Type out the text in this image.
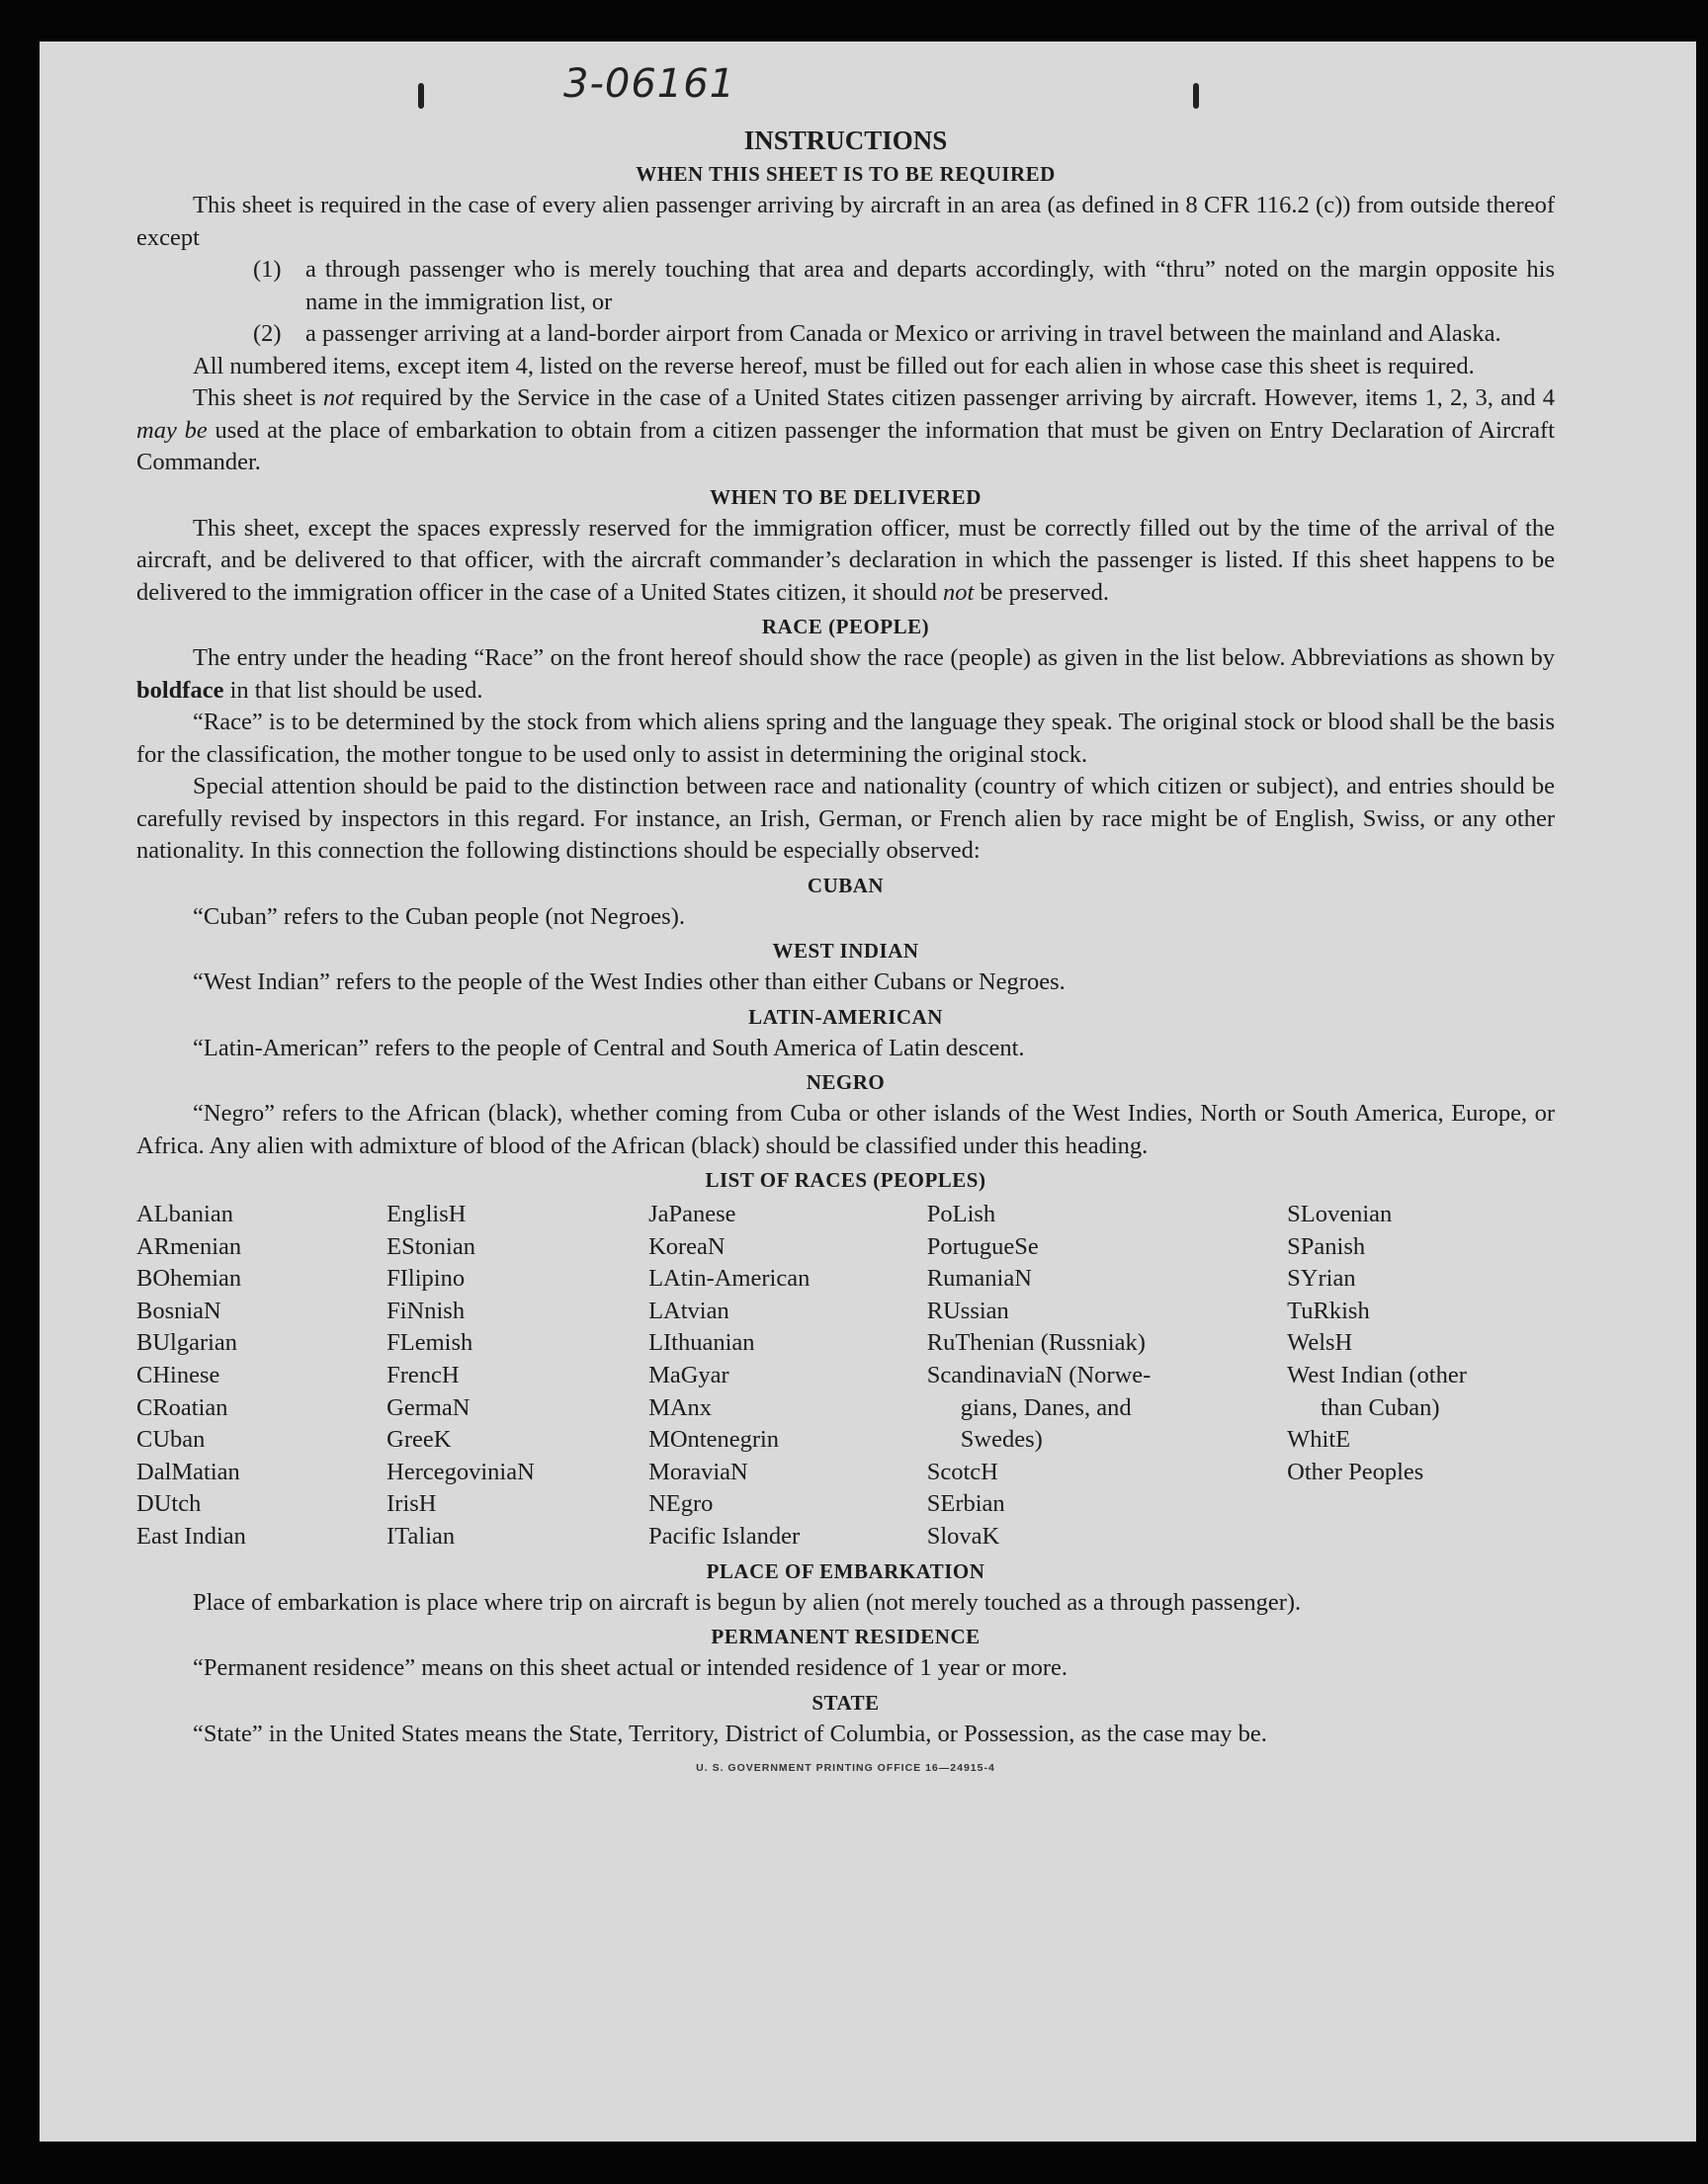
3-06161
INSTRUCTIONS
WHEN THIS SHEET IS TO BE REQUIRED

This sheet is required in the case of every alien passenger arriving by aircraft in an area (as defined in 8 CFR 116.2 (c)) from outside thereof except

(1) a through passenger who is merely touching that area and departs accordingly, with “thru” noted on the margin opposite his name in the immigration list, or
(2) a passenger arriving at a land-border airport from Canada or Mexico or arriving in travel between the mainland and Alaska.

All numbered items, except item 4, listed on the reverse hereof, must be filled out for each alien in whose case this sheet is required.

This sheet is not required by the Service in the case of a United States citizen passenger arriving by aircraft. However, items 1, 2, 3, and 4 may be used at the place of embarkation to obtain from a citizen passenger the information that must be given on Entry Declaration of Aircraft Commander.

WHEN TO BE DELIVERED

This sheet, except the spaces expressly reserved for the immigration officer, must be correctly filled out by the time of the arrival of the aircraft, and be delivered to that officer, with the aircraft commander’s declaration in which the passenger is listed. If this sheet happens to be delivered to the immigration officer in the case of a United States citizen, it should not be preserved.

RACE (PEOPLE)

The entry under the heading “Race” on the front hereof should show the race (people) as given in the list below. Abbreviations as shown by boldface in that list should be used.

“Race” is to be determined by the stock from which aliens spring and the language they speak. The original stock or blood shall be the basis for the classification, the mother tongue to be used only to assist in determining the original stock.

Special attention should be paid to the distinction between race and nationality (country of which citizen or subject), and entries should be carefully revised by inspectors in this regard. For instance, an Irish, German, or French alien by race might be of English, Swiss, or any other nationality. In this connection the following distinctions should be especially observed:

CUBAN

“Cuban” refers to the Cuban people (not Negroes).

WEST INDIAN

“West Indian” refers to the people of the West Indies other than either Cubans or Negroes.

LATIN-AMERICAN

“Latin-American” refers to the people of Central and South America of Latin descent.

NEGRO

“Negro” refers to the African (black), whether coming from Cuba or other islands of the West Indies, North or South America, Europe, or Africa. Any alien with admixture of blood of the African (black) should be classified under this heading.

LIST OF RACES (PEOPLES)
ALbanian
ARmenian
BOhemian
BosniaN
BUlgarian
CHinese
CRoatian
CUban
DalMatian
DUtch
East Indian
EnglisH
EStonian
FIlipino
FiNnish
FLemish
FrencH
GermaN
GreeK
HercegoviniaN
IrisH
ITalian
JaPanese
KoreaN
LAtin-American
LAtvian
LIthuanian
MaGyar
MAnx
MOntenegrin
MoraviaN
NEgro
Pacific Islander
PoLish
PortugueSe
RumaniaN
RUssian
RuThenian (Russniak)
ScandinaviaN (Norwe-
gians, Danes, and
Swedes)
ScotcH
SErbian
SlovaK
SLovenian
SPanish
SYrian
TuRkish
WelsH
West Indian (other
than Cuban)
WhitE
Other Peoples
PLACE OF EMBARKATION

Place of embarkation is place where trip on aircraft is begun by alien (not merely touched as a through passenger).

PERMANENT RESIDENCE

“Permanent residence” means on this sheet actual or intended residence of 1 year or more.

STATE

“State” in the United States means the State, Territory, District of Columbia, or Possession, as the case may be.

U. S. GOVERNMENT PRINTING OFFICE 16—24915-4
